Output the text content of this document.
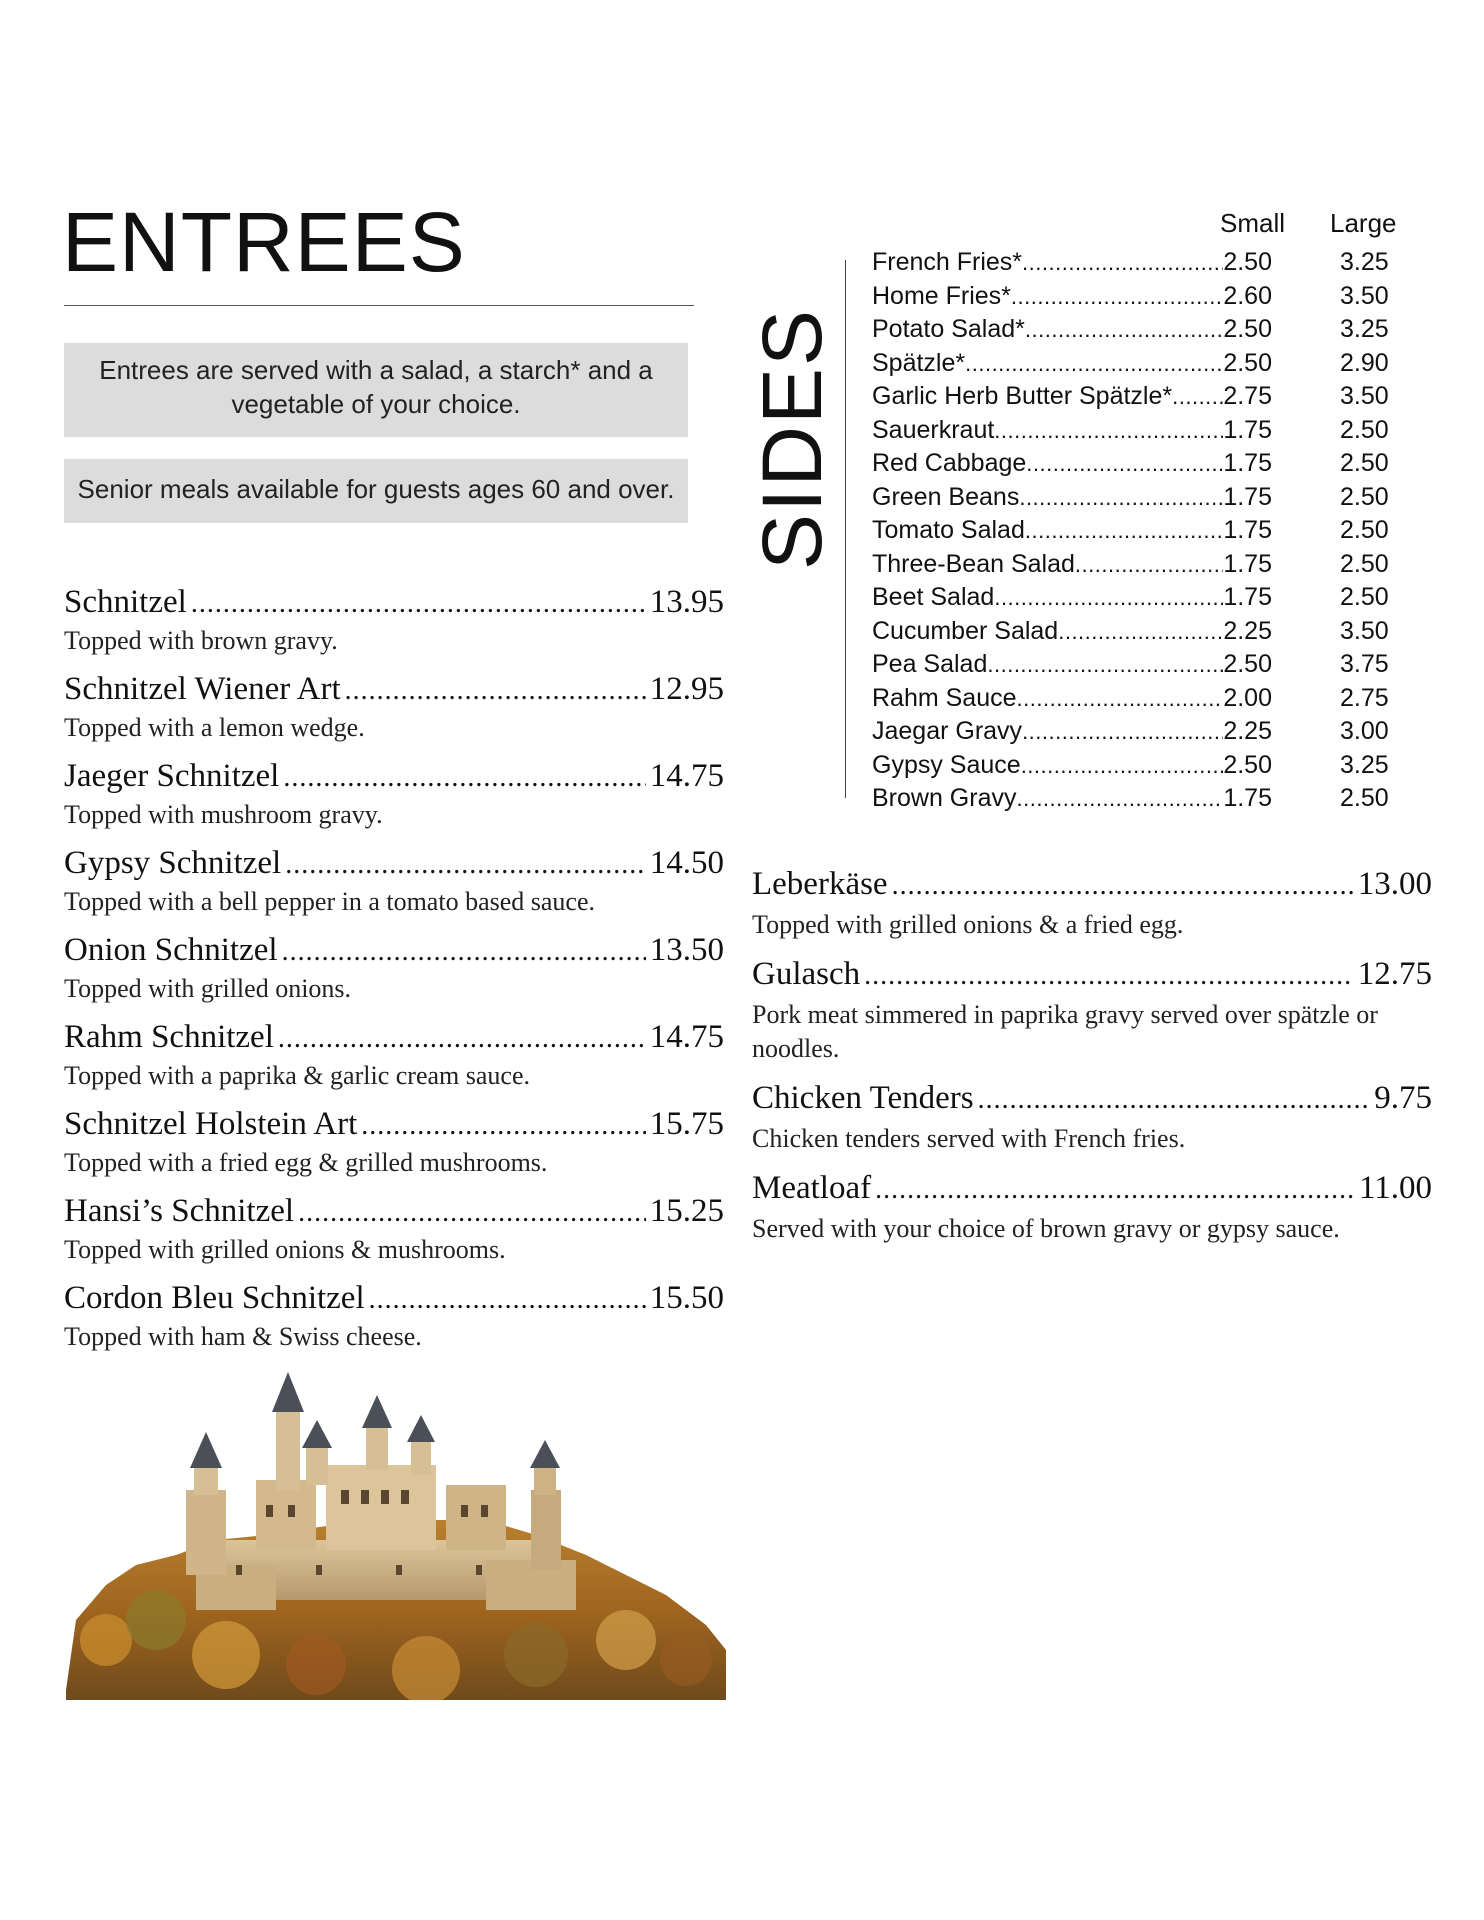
ENTREES
Entrees are served with a salad, a starch* and a vegetable of your choice.
Senior meals available for guests ages 60 and over.
Schnitzel .....	13.95
Topped with brown gravy.
Schnitzel Wiener Art .....	12.95
Topped with a lemon wedge.
Jaeger Schnitzel .....	14.75
Topped with mushroom gravy.
Gypsy Schnitzel .....	14.50
Topped with a bell pepper in a tomato based sauce.
Onion Schnitzel .....	13.50
Topped with grilled onions.
Rahm Schnitzel .....	14.75
Topped with a paprika & garlic cream sauce.
Schnitzel Holstein Art .....	15.75
Topped with a fried egg & grilled mushrooms.
Hansi’s Schnitzel .....	15.25
Topped with grilled onions & mushrooms.
Cordon Bleu Schnitzel .....	15.50
Topped with ham & Swiss cheese.
SIDES
Small Large
French Fries* .....	2.50	3.25
Home Fries* .....	2.60	3.50
Potato Salad* .....	2.50	3.25
Spätzle* .....	2.50	2.90
Garlic Herb Butter Spätzle* ..... 2.75	3.50
Sauerkraut .....	1.75	2.50
Red Cabbage .....	1.75	2.50
Green Beans .....	1.75	2.50
Tomato Salad .....	1.75	2.50
Three-Bean Salad .....	1.75	2.50
Beet Salad .....	1.75	2.50
Cucumber Salad .....	2.25	3.50
Pea Salad .....	2.50	3.75
Rahm Sauce .....	2.00	2.75
Jaegar Gravy .....	2.25	3.00
Gypsy Sauce .....	2.50	3.25
Brown Gravy .....	1.75	2.50
Leberkäse .....	13.00
Topped with grilled onions & a fried egg.
Gulasch .....	12.75
Pork meat simmered in paprika gravy served over spätzle or noodles.
Chicken Tenders .....	9.75
Chicken tenders served with French fries.
Meatloaf .....	11.00
Served with your choice of brown gravy or gypsy sauce.
